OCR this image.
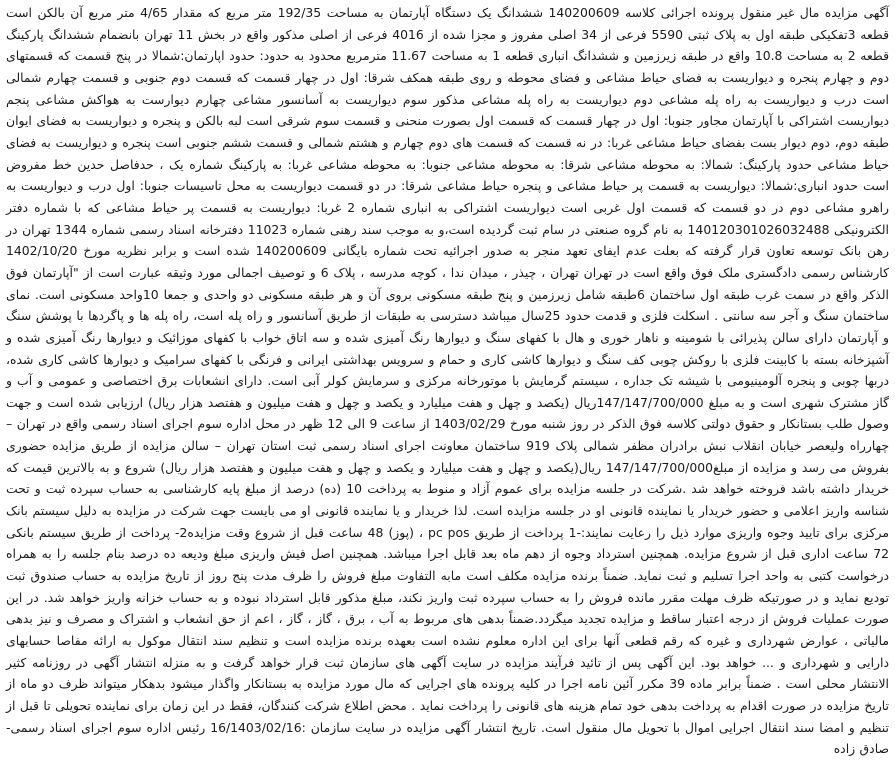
آگهی مزایده مال غیر منقول پرونده اجرائی کلاسه 140200609 ششدانگ یک دستگاه آپارتمان به مساحت 192/35 متر مربع که مقدار 4/65 متر مربع آن بالکن است قطعه 3تفکیکی طبقه اول به پلاک ثبتی 5590 فرعی از 34 اصلی مفروز و مجزا شده از 4016 فرعی از اصلی مذکور واقع در بخش 11 تهران بانضمام ششدانگ پارکینگ قطعه 2 به مساحت 10.8 واقع در طبقه زیرزمین و ششدانگ انباری قطعه 1 به مساحت 11.67 مترمربع محدود به حدود: حدود اپارتمان:شمالا در پنج قسمت که قسمتهای دوم و چهارم پنجره و دیواریست به فضای حیاط مشاعی و فضای محوطه و روی طبقه همکف شرقا: اول در چهار قسمت که قسمت دوم جنوبی و قسمت چهارم شمالی است درب و دیواریست به راه پله مشاعی دوم دیواریست به راه پله مشاعی مذکور سوم دیواریست به آسانسور مشاعی چهارم دیوارست به هواکش مشاعی پنجم دیواریست اشتراکی با آپارتمان مجاور جنوبا: اول در چهار قسمت که قسمت اول بصورت منحنی و قسمت سوم شرقی است لبه بالکن و پنجره و دیواریست به فضای ایوان طبقه دوم، دوم دیوار بست بفضای حیاط مشاعی غربا: در نه قسمت که قسمت های دوم چهارم و هشتم شمالی و قسمت ششم جنوبی است پنجره و دیواریست به فضای حیاط مشاعی حدود پارکینگ: شمالا: به محوطه مشاعی شرقا: به محوطه مشاعی جنوبا: به محوطه مشاعی غربا: به پارکینگ شماره یک ، حدفاصل حدین خط مفروض است حدود انباری:شمالا: دیواریست به قسمت پر حیاط مشاعی و پنجره حیاط مشاعی شرقا: در دو قسمت دیواریست به محل تاسیسات جنوبا: اول درب و دیواریست به راهرو مشاعی دوم در دو قسمت که قسمت اول غربی است دیواریست اشتراکی به انباری شماره 2 غربا: دیواریست به قسمت پر حیاط مشاعی که با شماره دفتر الکترونیکی 140120301026032488 به نام گروه صنعتی در سام ثبت گردیده است،و به موجب سند رهنی شماره 11023 دفترخانه اسناد رسمی شماره 1344 تهران در رهن بانک توسعه تعاون قرار گرفته که بعلت عدم ایفای تعهد منجر به صدور اجرائیه تحت شماره بایگانی 140200609 شده است و برابر نظریه مورخ 1402/10/20 کارشناس رسمی دادگستری ملک فوق واقع است در تهران تهران ، چیذر ، میدان ندا ، کوچه مدرسه ، پلاک 6 و توصیف اجمالی مورد وثیقه عبارت است از "آپارتمان فوق الذکر واقع در سمت غرب طبقه اول ساختمان 6طبقه شامل زیرزمین و پنج طبقه مسکونی بروی آن و هر طبقه مسکونی دو واحدی و جمعا 10واحد مسکونی است. نمای ساختمان سنگ و آجر سه سانتی . اسکلت فلزی و قدمت حدود 25سال میباشد دسترسی به طبقات از طریق آسانسور و راه پله است، راه پله ها و پاگردها با پوشش سنگ و آپارتمان دارای سالن پذیرائی با شومینه و ناهار خوری و هال با کفهای سنگ و دیوارها رنگ آمیزی شده و سه اتاق خواب با کفهای موزائیک و دیوارها رنگ آمیزی شده و آشپزخانه بسته با کابینت فلزی با روکش چوبی کف سنگ و دیوارها کاشی کاری و حمام و سرویس بهداشتی ایرانی و فرنگی با کفهای سرامیک و دیوارها کاشی کاری شده، دربها چوبی و پنجره آلومینیومی با شیشه تک جداره ، سیستم گرمایش با موتورخانه مرکزی و سرمایش کولر آبی است. دارای انشعابات برق اختصاصی و عمومی و آب و گاز مشترک شهری است و به مبلغ 147/147/700/000ریال (یکصد و چهل و هفت میلیارد و یکصد و چهل و هفت میلیون و هفتصد هزار ریال) ارزیابی شده است و جهت وصول طلب بستانکار و حقوق دولتی کلاسه فوق الذکر در روز شنبه مورخ 1403/02/29 از ساعت 9 الی 12 ظهر در محل اداره سوم اجرای اسناد رسمی واقع در تهران – چهارراه ولیعصر خیابان انقلاب نبش برادران مظفر شمالی پلاک 919 ساختمان معاونت اجرای اسناد رسمی ثبت استان تهران – سالن مزایده از طریق مزایده حضوری بفروش می رسد و مزایده از مبلغ147/147/700/000 ریال(یکصد و چهل و هفت میلیارد و یکصد و چهل و هفت میلیون و هفتصد هزار ریال) شروع و به بالاترین قیمت که خریدار داشته باشد فروخته خواهد شد .شرکت در جلسه مزایده برای عموم آزاد و منوط به پرداخت 10 (ده) درصد از مبلغ پایه کارشناسی به حساب سپرده ثبت و تحت شناسه واریز اعلامی و حضور خریدار یا نماینده قانونی او در جلسه مزایده است. لذا خریدار و یا نماینده قانونی او می بایست جهت شرکت در مزایده به دلیل سیستم بانک مرکزی برای تایید وجوه واریزی موارد ذیل را رعایت نمایند:-1 پرداخت از طریق pc pos ، (پوز) 48 ساعت قبل از شروع وقت مزایده2- پرداخت از طریق سیستم بانکی 72 ساعت اداری قبل از شروع مزایده. همچنین استرداد وجوه از دهم ماه بعد قابل اجرا میباشد. همچنین اصل فیش واریزی مبلغ ودیعه ده درصد بنام جلسه را به همراه درخواست کتبی به واحد اجرا تسلیم و ثبت نماید. ضمناً برنده مزایده مکلف است مابه التفاوت مبلغ فروش را ظرف مدت پنج روز از تاریخ مزایده به حساب صندوق ثبت تودیع نماید و در صورتیکه ظرف مهلت مقرر مانده فروش را به حساب سپرده ثبت واریز نکند، مبلغ مذکور قابل استرداد نبوده و به حساب خزانه واریز خواهد شد. در این صورت عملیات فروش از درجه اعتبار ساقط و مزایده تجدید میگردد.ضمناً بدهی های مربوط به آب ، برق ، گاز ، گاز ، اعم از حق انشعاب و اشتراک و مصرف و نیز بدهی مالیاتی ، عوارض شهرداری و غیره که رقم قطعی آنها برای این اداره معلوم نشده است بعهده برنده مزایده است و تنظیم سند انتقال موکول به ارائه مفاصا حسابهای دارایی و شهرداری و ... خواهد بود. این آگهی پس از تائید فرآیند مزایده در سایت آگهی های سازمان ثبت قرار خواهد گرفت و به منزله انتشار آگهی در روزنامه کثیر الانتشار محلی است . ضمناً برابر ماده 39 مکرر آئین نامه اجرا در کلیه پرونده های اجرایی که مال مورد مزایده به بستانکار واگذار میشود بدهکار میتواند ظرف دو ماه از تاریخ مزایده در صورت اقدام به پرداخت بدهی خود تمام هزینه های قانونی را پرداخت نماید . محض اطلاع شرکت کنندگان، فقط در این زمان برای نماینده تحویلی تا قبل از تنظیم و امضا سند انتقال اجرایی اموال با تحویل مال منقول است. تاریخ انتشار آگهی مزایده در سایت سازمان :16/1403/02/16 رئیس اداره سوم اجرای اسناد رسمی- صادق زاده
